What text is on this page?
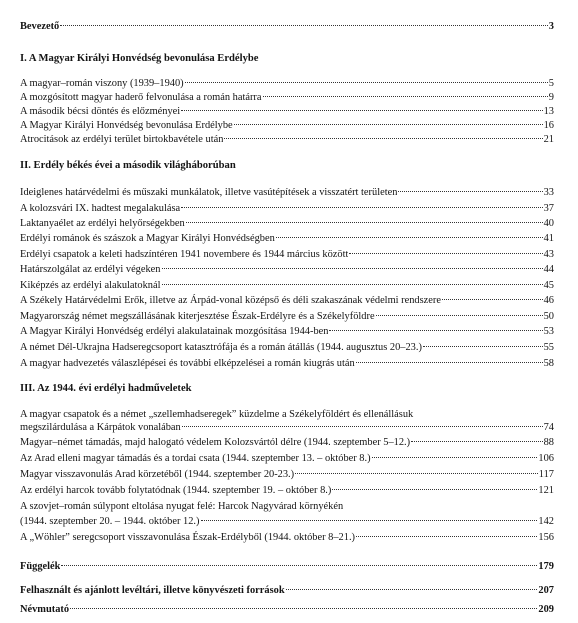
Bevezető	3
I. A Magyar Királyi Honvédség bevonulása Erdélybe
A magyar–román viszony (1939–1940)	5
A mozgósított magyar haderő felvonulása a román határra	9
A második bécsi döntés és előzményei	13
A Magyar Királyi Honvédség bevonulása Erdélybe	16
Atrocitások az erdélyi terület birtokbavétele után	21
II. Erdély békés évei a második világháborúban
Ideiglenes határvédelmi és műszaki munkálatok, illetve vasútépítések a visszatért területen	33
A kolozsvári IX. hadtest megalakulása	37
Laktanyaélet az erdélyi helyőrségekben	40
Erdélyi románok és szászok a Magyar Királyi Honvédségben	41
Erdélyi csapatok a keleti hadszíntéren 1941 novembere és 1944 március között	43
Határszolgálat az erdélyi végeken	44
Kiképzés az erdélyi alakulatoknál	45
A Székely Határvédelmi Erők, illetve az Árpád-vonal középső és déli szakaszának védelmi rendszere	46
Magyarország német megszállásának kiterjesztése Észak-Erdélyre és a Székelyföldre	50
A Magyar Királyi Honvédség erdélyi alakulatainak mozgósítása 1944-ben	53
A német Dél-Ukrajna Hadseregcsoport katasztrófája és a román átállás (1944. augusztus 20–23.)	55
A magyar hadvezetés válaszlépései és további elképzelései a román kiugrás után	58
III. Az 1944. évi erdélyi hadműveletek
A magyar csapatok és a német „szellemhadseregek” küzdelme a Székelyföldért és ellenállásuk
megszilárdulása a Kárpátok vonalában	74
Magyar–német támadás, majd halogató védelem Kolozsvártól délre (1944. szeptember 5–12.)	88
Az Arad elleni magyar támadás és a tordai csata (1944. szeptember 13. – október 8.)	106
Magyar visszavonulás Arad körzetéből (1944. szeptember 20-23.)	117
Az erdélyi harcok tovább folytatódnak (1944. szeptember 19. – október 8.)	121
A szovjet–román súlypont eltolása nyugat felé: Harcok Nagyvárad környékén
(1944. szeptember 20. – 1944. október 12.)	142
A „Wöhler” seregcsoport visszavonulása Észak-Erdélyből (1944. október 8–21.)	156
Függelék	179
Felhasznált és ajánlott levéltári, illetve könyvészeti források	207
Névmutató	209
